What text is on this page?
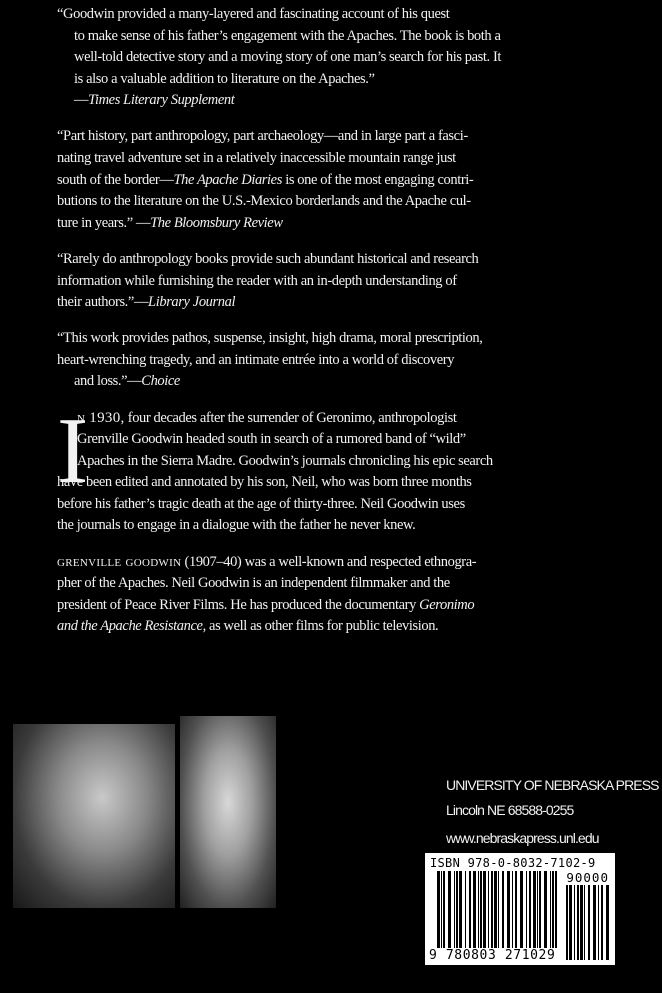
“Goodwin provided a many-layered and fascinating account of his quest
to make sense of his father’s engagement with the Apaches. The book is both a
well-told detective story and a moving story of one man’s search for his past. It
is also a valuable addition to literature on the Apaches.”
—Times Literary Supplement
“Part history, part anthropology, part archaeology—and in large part a fasci-
nating travel adventure set in a relatively inaccessible mountain range just
south of the border—The Apache Diaries is one of the most engaging contri-
butions to the literature on the U.S.-Mexico borderlands and the Apache cul-
ture in years.” —The Bloomsbury Review
“Rarely do anthropology books provide such abundant historical and research
information while furnishing the reader with an in-depth understanding of
their authors.”—Library Journal
“This work provides pathos, suspense, insight, high drama, moral prescription,
heart-wrenching tragedy, and an intimate entrée into a world of discovery
and loss.”—Choice
I
n 1930, four decades after the surrender of Geronimo, anthropologist
Grenville Goodwin headed south in search of a rumored band of “wild”
Apaches in the Sierra Madre. Goodwin’s journals chronicling his epic search
have been edited and annotated by his son, Neil, who was born three months
before his father’s tragic death at the age of thirty-three. Neil Goodwin uses
the journals to engage in a dialogue with the father he never knew.
grenville goodwin (1907–40) was a well-known and respected ethnogra-
pher of the Apaches. Neil Goodwin is an independent filmmaker and the
president of Peace River Films. He has produced the documentary Geronimo
and the Apache Resistance, as well as other films for public television.
UNIVERSITY OF NEBRASKA PRESS
Lincoln NE 68588-0255
www.nebraskapress.unl.edu
ISBN 978-0-8032-7102-9
90000
9 780803 271029
